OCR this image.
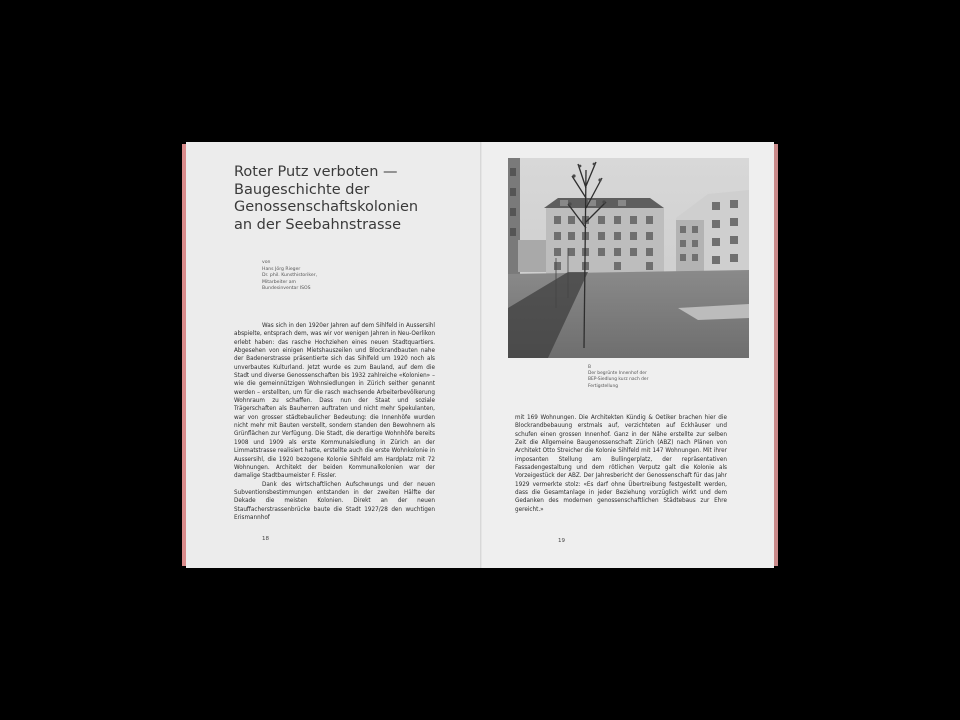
Roter Putz verboten —
Baugeschichte der
Genossenschaftskolonien
an der Seebahnstrasse
von
Hans Jörg Rieger
Dr. phil. Kunsthistoriker,
Mitarbeiter am
Bundesinventar ISOS

Was sich in den 1920er Jahren auf dem Sihlfeld in Aussersihl abspielte, entsprach dem, was wir vor wenigen Jahren in Neu-Oerlikon erlebt haben: das rasche Hochziehen eines neuen Stadtquartiers. Abgesehen von einigen Mietshauszeilen und Blockrandbauten nahe der Badenerstrasse präsentierte sich das Sihlfeld um 1920 noch als unverbautes Kulturland. Jetzt wurde es zum Bauland, auf dem die Stadt und diverse Genossenschaften bis 1932 zahlreiche «Kolonien» – wie die gemeinnützigen Wohnsiedlungen in Zürich seither genannt werden – erstellten, um für die rasch wachsende Arbeiterbevölkerung Wohnraum zu schaffen. Dass nun der Staat und soziale Trägerschaften als Bauherren auftraten und nicht mehr Spekulanten, war von grosser städtebaulicher Bedeutung: die Innenhöfe wurden nicht mehr mit Bauten verstellt, sondern standen den Bewohnern als Grünflächen zur Verfügung. Die Stadt, die derartige Wohnhöfe bereits 1908 und 1909 als erste Kommunalsiedlung in Zürich an der Limmatstrasse realisiert hatte, erstellte auch die erste Wohnkolonie in Aussersihl, die 1920 bezogene Kolonie Sihlfeld am Hardplatz mit 72 Wohnungen. Architekt der beiden Kommunalkolonien war der damalige Stadtbaumeister F. Fissler.

Dank des wirtschaftlichen Aufschwungs und der neuen Subventionsbestimmungen entstanden in der zweiten Hälfte der Dekade die meisten Kolonien. Direkt an der neuen Stauffacherstrassenbrücke baute die Stadt 1927/28 den wuchtigen Erismannhof

18
B
Der begrünte Innenhof der
BEP-Siedlung kurz nach der
Fertigstellung

mit 169 Wohnungen. Die Architekten Kündig & Oetiker brachen hier die Blockrandbebauung erstmals auf, verzichteten auf Eckhäuser und schufen einen grossen Innenhof. Ganz in der Nähe erstellte zur selben Zeit die Allgemeine Baugenossenschaft Zürich (ABZ) nach Plänen von Architekt Otto Streicher die Kolonie Sihlfeld mit 147 Wohnungen. Mit ihrer imposanten Stellung am Bullingerplatz, der repräsentativen Fassadengestaltung und dem rötlichen Verputz galt die Kolonie als Vorzeigestück der ABZ. Der Jahresbericht der Genossenschaft für das Jahr 1929 vermerkte stolz: «Es darf ohne Übertreibung festgestellt werden, dass die Gesamtanlage in jeder Beziehung vorzüglich wirkt und dem Gedanken des modernen genossenschaftlichen Städtebaus zur Ehre gereicht.»

19
